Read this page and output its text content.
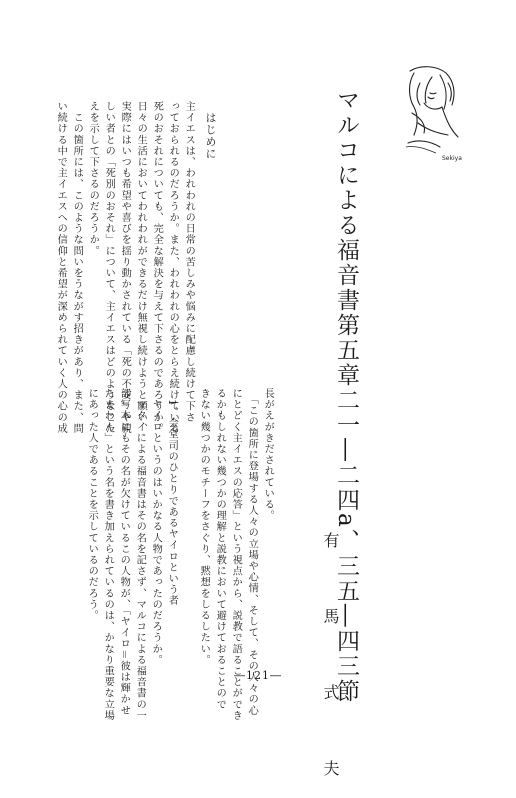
Sekiya
マルコによる福音書第五章二一―二四a、三五―四三節
有　馬　式　夫
はじめに
主イエスは、われわれの日常の苦しみや悩みに配慮し続けて下さ
っておられるのだろうか。また、われわれの心をとらえ続けている
死のおそれについても、完全な解決を与えて下さるのであろうか。
日々の生活においてわれわれができるだけ無視し続けようと願い、
実際にはいつも希望や喜びを揺り動かされている「死の不安」や親
しい者との「死別のおそれ」について、主イエスはどのようなこた
えを示して下さるのだろうか。
　この箇所には、このような問いをうながす招きがあり、また、問
い続ける中で主イエスへの信仰と希望が深められていく人の心の成
長がえがきだされている。
　「この箇所に登場する人々の立場や心情、そして、その人々の心
にとどく主イエスの応答」という視点から、説教で語ることができ
るかもしれない幾つかの理解と説教において避けておることので
きない幾つかのモチーフをさぐり、黙想をしるしたい。
　1、会堂司のひとりであるヤイロという者
　ヤイロというのはいかなる人物であったのだろうか。
　マタイによる福音書はその名を記さず、マルコによる福音書の一
部写本にもその名が欠けているこの人物が、「ヤイロ＝彼は輝かせ
たまわん」という名を書き加えられているのは、かなり重要な立場
にあった人であることを示しているのだろう。
―121―
